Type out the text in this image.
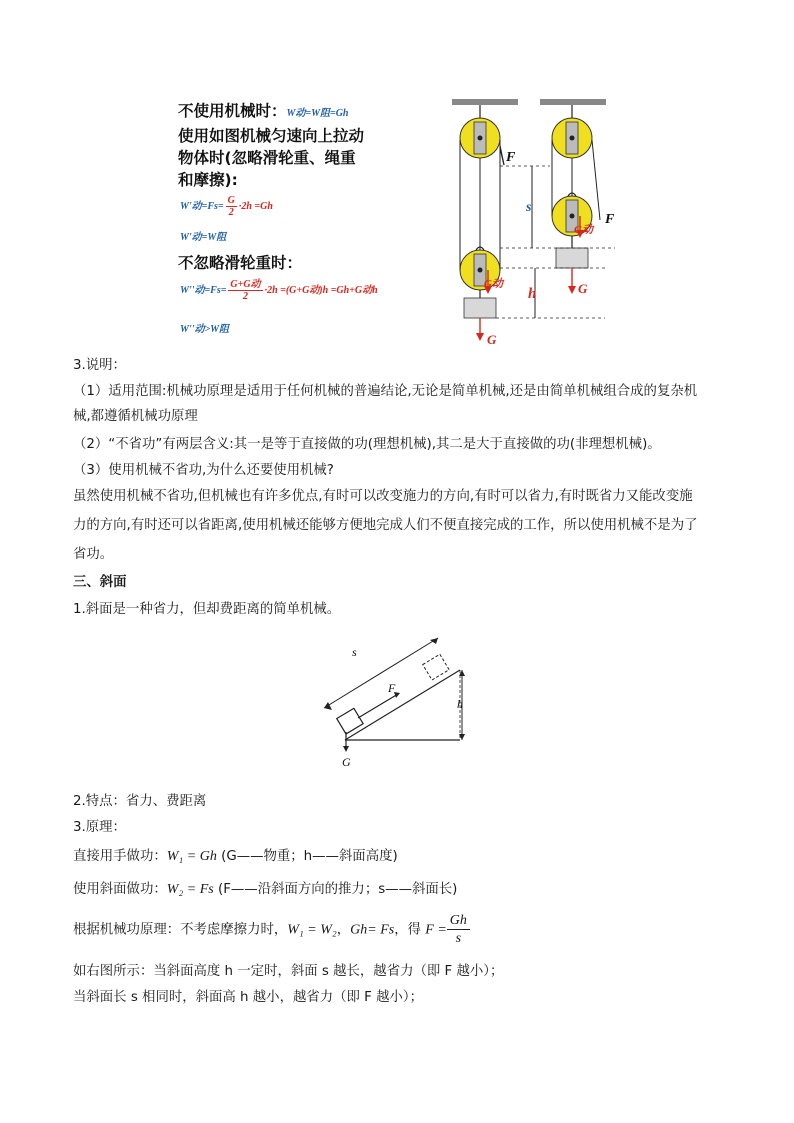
不使用机械时：W动=W阻=Gh
使用如图机械匀速向上拉动
物体时(忽略滑轮重、绳重
和摩擦):
W'动$=Fs= \frac{G}{2} \cdot 2h =Gh$
W'动=W阻
不忽略滑轮重时：
W''动$=Fs= \frac{\text{G+G动}}{2} \cdot 2h =(G+G$动)h =Gh+G动h
W''动>W阻
F
F
s
h
G
G
G动
G动
3.说明：
（1）适用范围:机械功原理是适用于任何机械的普遍结论,无论是简单机械,还是由简单机械组合成的复杂机
械,都遵循机械功原理
（2）“不省功”有两层含义:其一是等于直接做的功(理想机械),其二是大于直接做的功(非理想机械)。
（3）使用机械不省功,为什么还要使用机械?
虽然使用机械不省功,但机械也有许多优点,有时可以改变施力的方向,有时可以省力,有时既省力又能改变施
力的方向,有时还可以省距离,使用机械还能够方便地完成人们不便直接完成的工作，所以使用机械不是为了
省功。
三、斜面
1.斜面是一种省力，但却费距离的简单机械。
s
F
h
G
2.特点：省力、费距离
3.原理：
直接用手做功：W₁ = Gh (G——物重；h——斜面高度)
使用斜面做功：W₂ = Fs (F——沿斜面方向的推力；s——斜面长)
根据机械功原理：不考虑摩擦力时，W₁ = W₂，Gh= Fs，得 $F = \frac{Gh}{s}$
如右图所示：当斜面高度 h 一定时，斜面 s 越长，越省力（即 F 越小）；
当斜面长 s 相同时，斜面高 h 越小，越省力（即 F 越小）；
